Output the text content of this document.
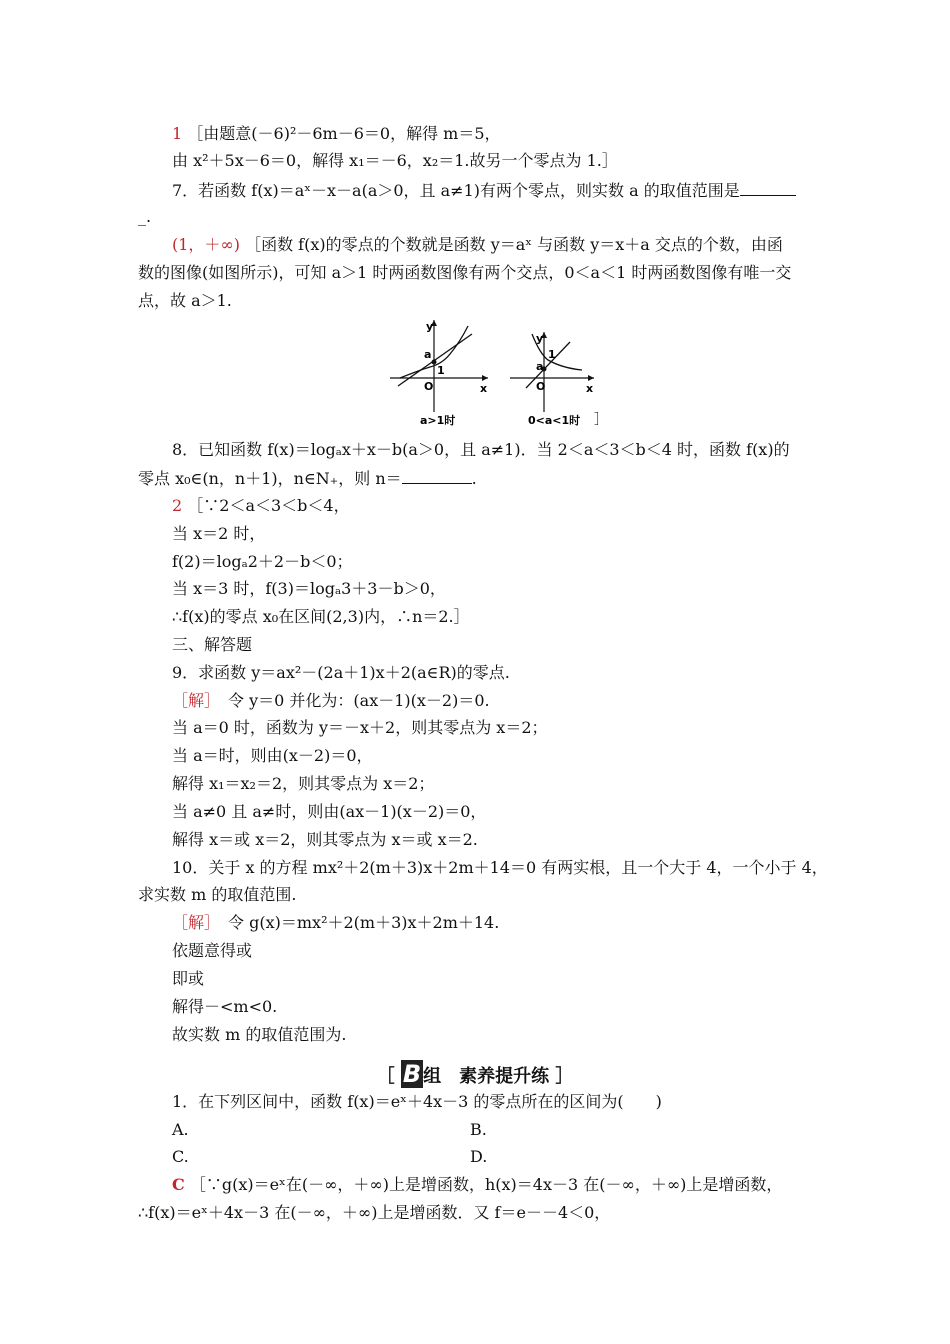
1 ［由题意(－6)²－6m－6＝0，解得 m＝5，
由 x²＋5x－6＝0，解得 x₁＝－6，x₂＝1.故另一个零点为 1.］
7．若函数 f(x)＝aˣ－x－a(a＞0，且 a≠1)有两个零点，则实数 a 的取值范围是
_.
(1，＋∞) ［函数 f(x)的零点的个数就是函数 y＝aˣ 与函数 y＝x＋a 交点的个数，由函
数的图像(如图所示)，可知 a＞1 时两函数图像有两个交点，0＜a＜1 时两函数图像有唯一交
点，故 a＞1.
y
x
O
a
1
a>1时
y
x
O
a
1
0<a<1时 ］
8．已知函数 f(x)＝logₐx＋x－b(a＞0，且 a≠1)．当 2＜a＜3＜b＜4 时，函数 f(x)的
零点 x₀∈(n，n＋1)，n∈N₊，则 n＝	.
2 ［∵2＜a＜3＜b＜4，
当 x＝2 时，
f(2)＝logₐ2＋2－b＜0；
当 x＝3 时，f(3)＝logₐ3＋3－b＞0，
∴f(x)的零点 x₀在区间(2,3)内，∴n＝2.］
三、解答题
9．求函数 y＝ax²－(2a＋1)x＋2(a∈R)的零点.
［解］　 令 y＝0 并化为：(ax－1)(x－2)＝0.
当 a＝0 时，函数为 y＝－x＋2，则其零点为 x＝2；
当 a＝时，则由(x－2)＝0，
解得 x₁＝x₂＝2，则其零点为 x＝2；
当 a≠0 且 a≠时，则由(ax－1)(x－2)＝0，
解得 x＝或 x＝2，则其零点为 x＝或 x＝2.
10．关于 x 的方程 mx²＋2(m＋3)x＋2m＋14＝0 有两实根，且一个大于 4，一个小于 4，
求实数 m 的取值范围.
［解］　 令 g(x)＝mx²＋2(m＋3)x＋2m＋14.
依题意得或
即或
解得－<m<0.
故实数 m 的取值范围为.
［ B 组　素养提升练 ］
1．在下列区间中，函数 f(x)＝eˣ＋4x－3 的零点所在的区间为(　　)
A.	B.
C.	D.
C ［∵g(x)＝eˣ在(－∞，＋∞)上是增函数，h(x)＝4x－3 在(－∞，＋∞)上是增函数，
∴f(x)＝eˣ＋4x－3 在(－∞，＋∞)上是增函数．又 f＝e－－4＜0，
